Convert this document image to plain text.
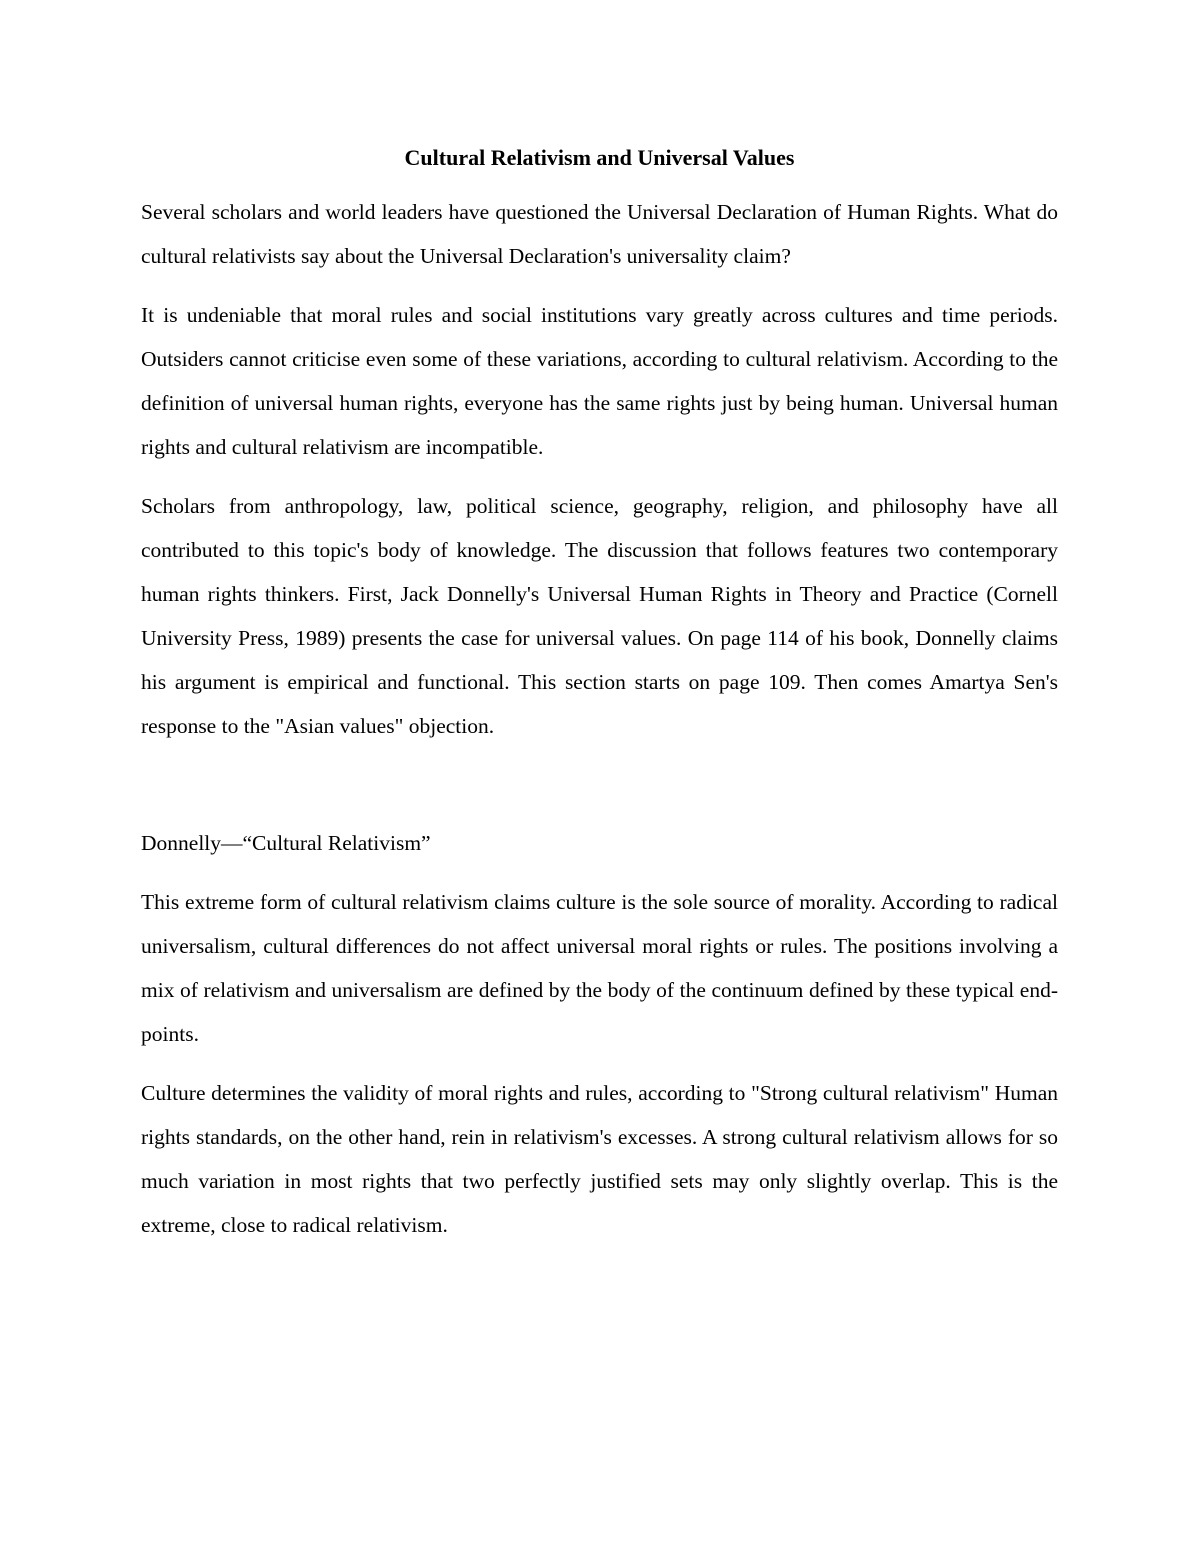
Cultural Relativism and Universal Values

Several scholars and world leaders have questioned the Universal Declaration of Human Rights. What do cultural relativists say about the Universal Declaration's universality claim?

It is undeniable that moral rules and social institutions vary greatly across cultures and time periods. Outsiders cannot criticise even some of these variations, according to cultural relativism. According to the definition of universal human rights, everyone has the same rights just by being human. Universal human rights and cultural relativism are incompatible.

Scholars from anthropology, law, political science, geography, religion, and philosophy have all contributed to this topic's body of knowledge. The discussion that follows features two contemporary human rights thinkers. First, Jack Donnelly's Universal Human Rights in Theory and Practice (Cornell University Press, 1989) presents the case for universal values. On page 114 of his book, Donnelly claims his argument is empirical and functional. This section starts on page 109. Then comes Amartya Sen's response to the "Asian values" objection.

Donnelly—“Cultural Relativism”

This extreme form of cultural relativism claims culture is the sole source of morality. According to radical universalism, cultural differences do not affect universal moral rights or rules. The positions involving a mix of relativism and universalism are defined by the body of the continuum defined by these typical end-points.

Culture determines the validity of moral rights and rules, according to "Strong cultural relativism" Human rights standards, on the other hand, rein in relativism's excesses. A strong cultural relativism allows for so much variation in most rights that two perfectly justified sets may only slightly overlap. This is the extreme, close to radical relativism.
